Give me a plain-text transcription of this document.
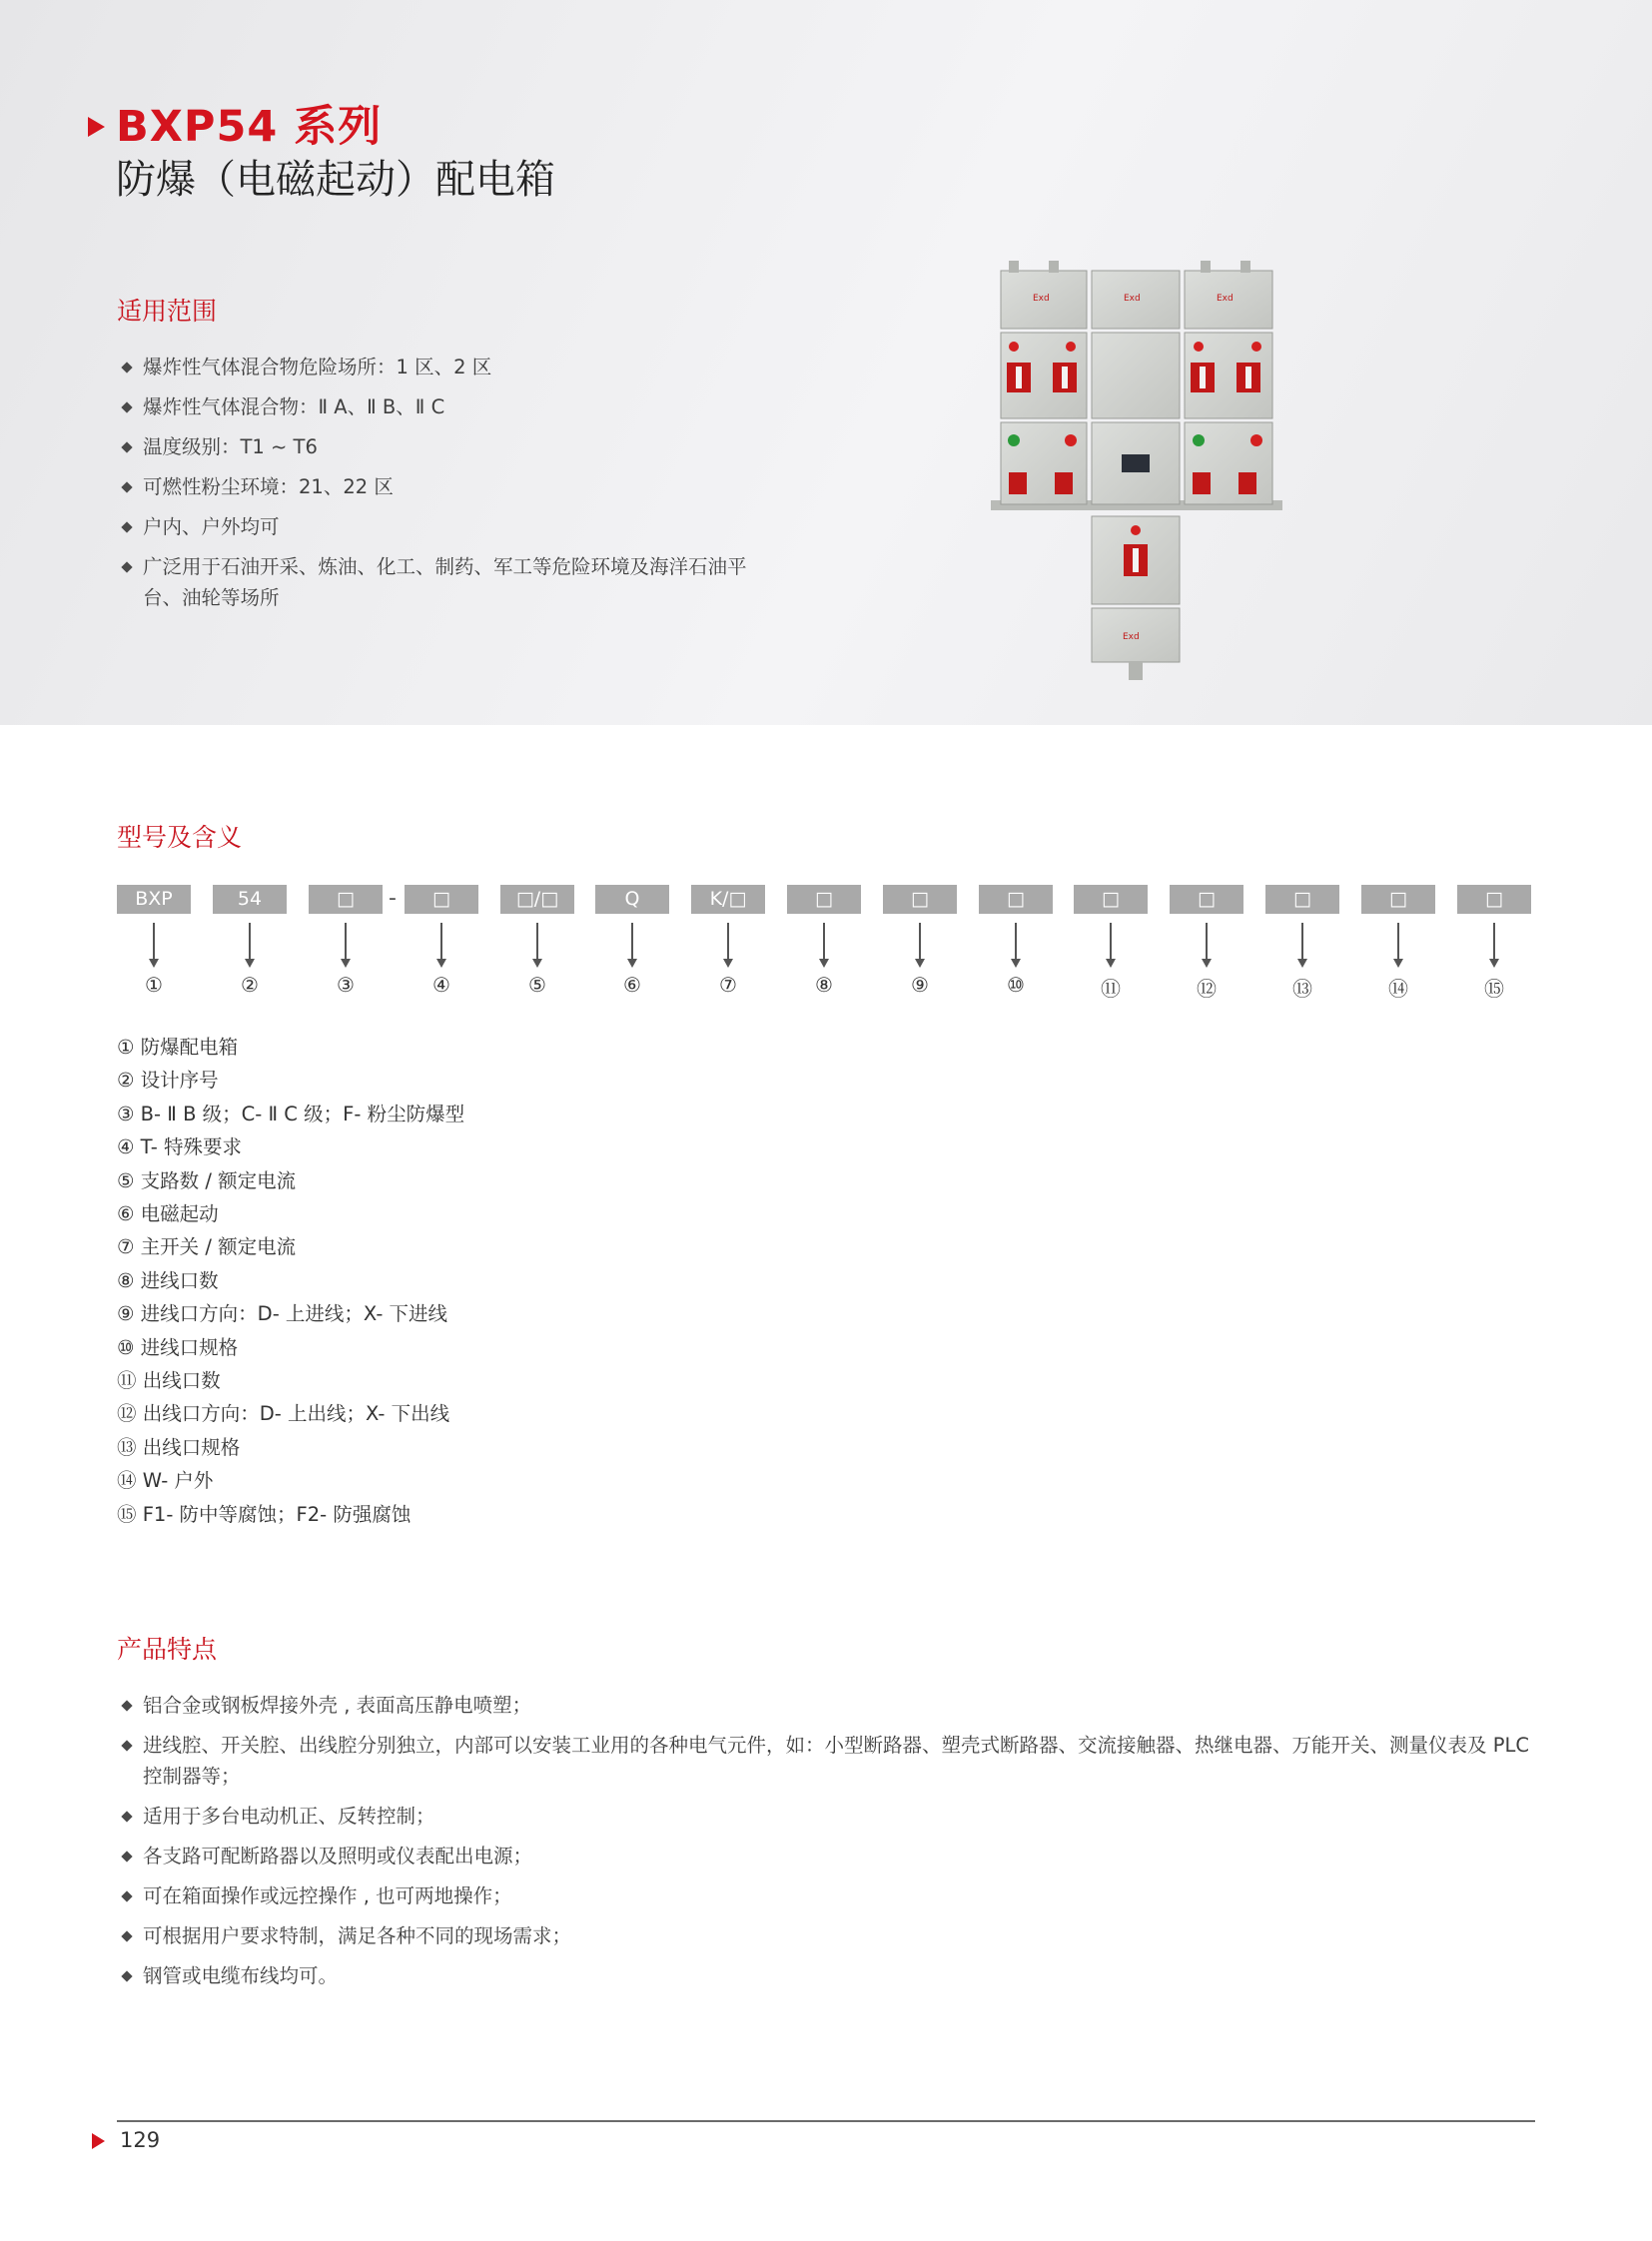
BXP54 系列
防爆（电磁起动）配电箱
适用范围
爆炸性气体混合物危险场所：1 区、2 区
爆炸性气体混合物：Ⅱ A、Ⅱ B、Ⅱ C
温度级别：T1 ~ T6
可燃性粉尘环境：21、22 区
户内、户外均可
广泛用于石油开采、炼油、化工、制药、军工等危险环境及海洋石油平台、油轮等场所
Exd	Exd	Exd
Exd
型号及含义
BXP	54	□	-	□	□/□	Q	K/□	□	□	□	□	□	□	□	□
①	②	③	④	⑤	⑥	⑦	⑧	⑨	⑩	⑪	⑫	⑬	⑭	⑮
① 防爆配电箱
② 设计序号
③ B- Ⅱ B 级；C- Ⅱ C 级；F- 粉尘防爆型
④ T- 特殊要求
⑤ 支路数 / 额定电流
⑥ 电磁起动
⑦ 主开关 / 额定电流
⑧ 进线口数
⑨ 进线口方向：D- 上进线；X- 下进线
⑩ 进线口规格
⑪ 出线口数
⑫ 出线口方向：D- 上出线；X- 下出线
⑬ 出线口规格
⑭ W- 户外
⑮ F1- 防中等腐蚀；F2- 防强腐蚀
产品特点
铝合金或钢板焊接外壳 , 表面高压静电喷塑；
进线腔、开关腔、出线腔分别独立，内部可以安装工业用的各种电气元件，如：小型断路器、塑壳式断路器、交流接触器、热继电器、万能开关、测量仪表及 PLC 控制器等；
适用于多台电动机正、反转控制；
各支路可配断路器以及照明或仪表配出电源；
可在箱面操作或远控操作 , 也可两地操作；
可根据用户要求特制，满足各种不同的现场需求；
钢管或电缆布线均可。
129
